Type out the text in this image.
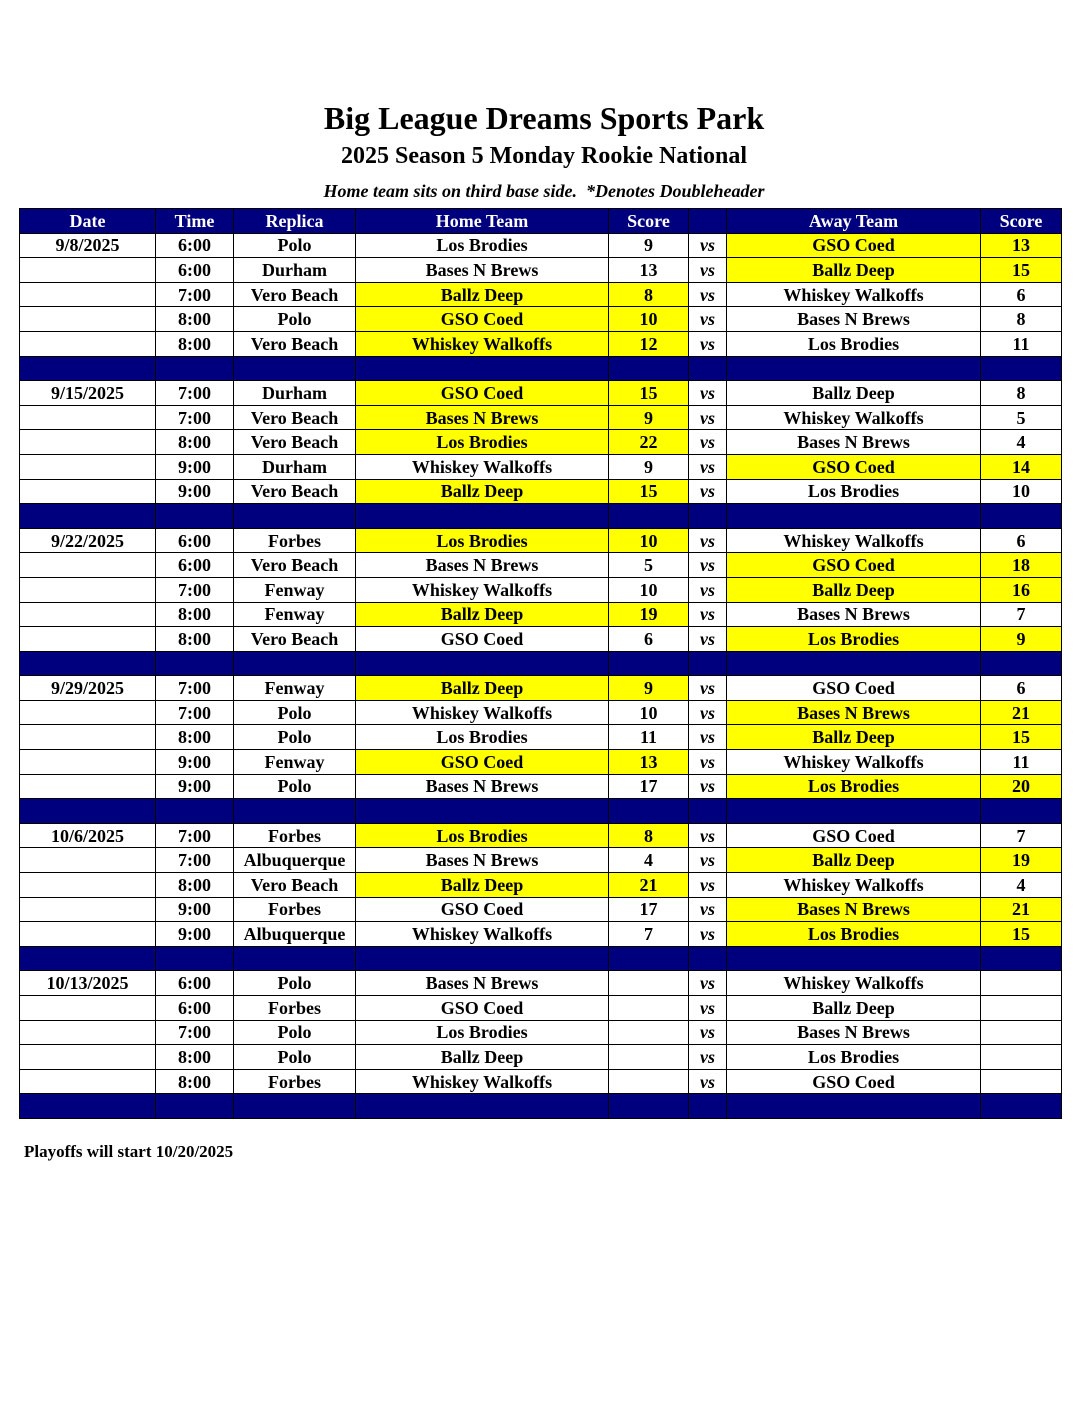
Big League Dreams Sports Park
2025 Season 5 Monday Rookie National
Home team sits on third base side. *Denotes Doubleheader
Date	Time	Replica	Home Team	Score		Away Team	Score
9/8/2025	6:00	Polo	Los Brodies	9	vs	GSO Coed	13
	6:00	Durham	Bases N Brews	13	vs	Ballz Deep	15
	7:00	Vero Beach	Ballz Deep	8	vs	Whiskey Walkoffs	6
	8:00	Polo	GSO Coed	10	vs	Bases N Brews	8
	8:00	Vero Beach	Whiskey Walkoffs	12	vs	Los Brodies	11

9/15/2025	7:00	Durham	GSO Coed	15	vs	Ballz Deep	8
	7:00	Vero Beach	Bases N Brews	9	vs	Whiskey Walkoffs	5
	8:00	Vero Beach	Los Brodies	22	vs	Bases N Brews	4
	9:00	Durham	Whiskey Walkoffs	9	vs	GSO Coed	14
	9:00	Vero Beach	Ballz Deep	15	vs	Los Brodies	10

9/22/2025	6:00	Forbes	Los Brodies	10	vs	Whiskey Walkoffs	6
	6:00	Vero Beach	Bases N Brews	5	vs	GSO Coed	18
	7:00	Fenway	Whiskey Walkoffs	10	vs	Ballz Deep	16
	8:00	Fenway	Ballz Deep	19	vs	Bases N Brews	7
	8:00	Vero Beach	GSO Coed	6	vs	Los Brodies	9

9/29/2025	7:00	Fenway	Ballz Deep	9	vs	GSO Coed	6
	7:00	Polo	Whiskey Walkoffs	10	vs	Bases N Brews	21
	8:00	Polo	Los Brodies	11	vs	Ballz Deep	15
	9:00	Fenway	GSO Coed	13	vs	Whiskey Walkoffs	11
	9:00	Polo	Bases N Brews	17	vs	Los Brodies	20

10/6/2025	7:00	Forbes	Los Brodies	8	vs	GSO Coed	7
	7:00	Albuquerque	Bases N Brews	4	vs	Ballz Deep	19
	8:00	Vero Beach	Ballz Deep	21	vs	Whiskey Walkoffs	4
	9:00	Forbes	GSO Coed	17	vs	Bases N Brews	21
	9:00	Albuquerque	Whiskey Walkoffs	7	vs	Los Brodies	15

10/13/2025	6:00	Polo	Bases N Brews		vs	Whiskey Walkoffs	
	6:00	Forbes	GSO Coed		vs	Ballz Deep	
	7:00	Polo	Los Brodies		vs	Bases N Brews	
	8:00	Polo	Ballz Deep		vs	Los Brodies	
	8:00	Forbes	Whiskey Walkoffs		vs	GSO Coed	

Playoffs will start 10/20/2025
